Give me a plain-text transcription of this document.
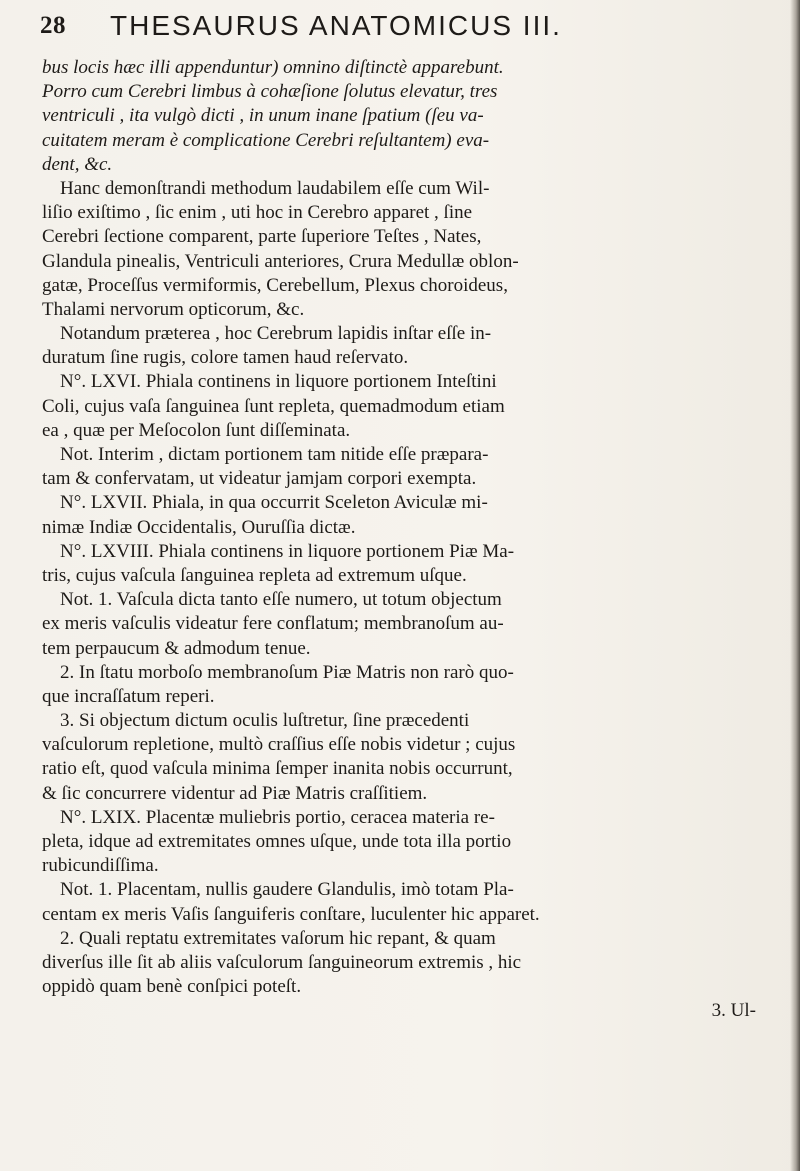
28 THESAURUS ANATOMICUS III.
bus locis hæc illi appenduntur) omnino diſtinctè apparebunt.
Porro cum Cerebri limbus à cohæſione ſolutus elevatur, tres
ventriculi , ita vulgò dicti , in unum inane ſpatium (ſeu va-
cuitatem meram è complicatione Cerebri reſultantem) eva-
dent, &c.
Hanc demonſtrandi methodum laudabilem eſſe cum Wil-
liſio exiſtimo , ſic enim , uti hoc in Cerebro apparet , ſine
Cerebri ſectione comparent, parte ſuperiore Teſtes , Nates,
Glandula pinealis, Ventriculi anteriores, Crura Medullæ oblon-
gatæ, Proceſſus vermiformis, Cerebellum, Plexus choroideus,
Thalami nervorum opticorum, &c.
Notandum præterea , hoc Cerebrum lapidis inſtar eſſe in-
duratum ſine rugis, colore tamen haud reſervato.
N°. LXVI. Phiala continens in liquore portionem Inteſtini
Coli, cujus vaſa ſanguinea ſunt repleta, quemadmodum etiam
ea , quæ per Meſocolon ſunt diſſeminata.
Not. Interim , dictam portionem tam nitide eſſe præpara-
tam & confervatam, ut videatur jamjam corpori exempta.
N°. LXVII. Phiala, in qua occurrit Sceleton Aviculæ mi-
nimæ Indiæ Occidentalis, Ouruſſia dictæ.
N°. LXVIII. Phiala continens in liquore portionem Piæ Ma-
tris, cujus vaſcula ſanguinea repleta ad extremum uſque.
Not. 1. Vaſcula dicta tanto eſſe numero, ut totum objectum
ex meris vaſculis videatur fere conflatum; membranoſum au-
tem perpaucum & admodum tenue.
2. In ſtatu morboſo membranoſum Piæ Matris non rarò quo-
que incraſſatum reperi.
3. Si objectum dictum oculis luſtretur, ſine præcedenti
vaſculorum repletione, multò craſſius eſſe nobis videtur ; cujus
ratio eſt, quod vaſcula minima ſemper inanita nobis occurrunt,
& ſic concurrere videntur ad Piæ Matris craſſitiem.
N°. LXIX. Placentæ muliebris portio, ceracea materia re-
pleta, idque ad extremitates omnes uſque, unde tota illa portio
rubicundiſſima.
Not. 1. Placentam, nullis gaudere Glandulis, imò totam Pla-
centam ex meris Vaſis ſanguiferis conſtare, luculenter hic apparet.
2. Quali reptatu extremitates vaſorum hic repant, & quam
diverſus ille ſit ab aliis vaſculorum ſanguineorum extremis , hic
oppidò quam benè conſpici poteſt.
3. Ul-
